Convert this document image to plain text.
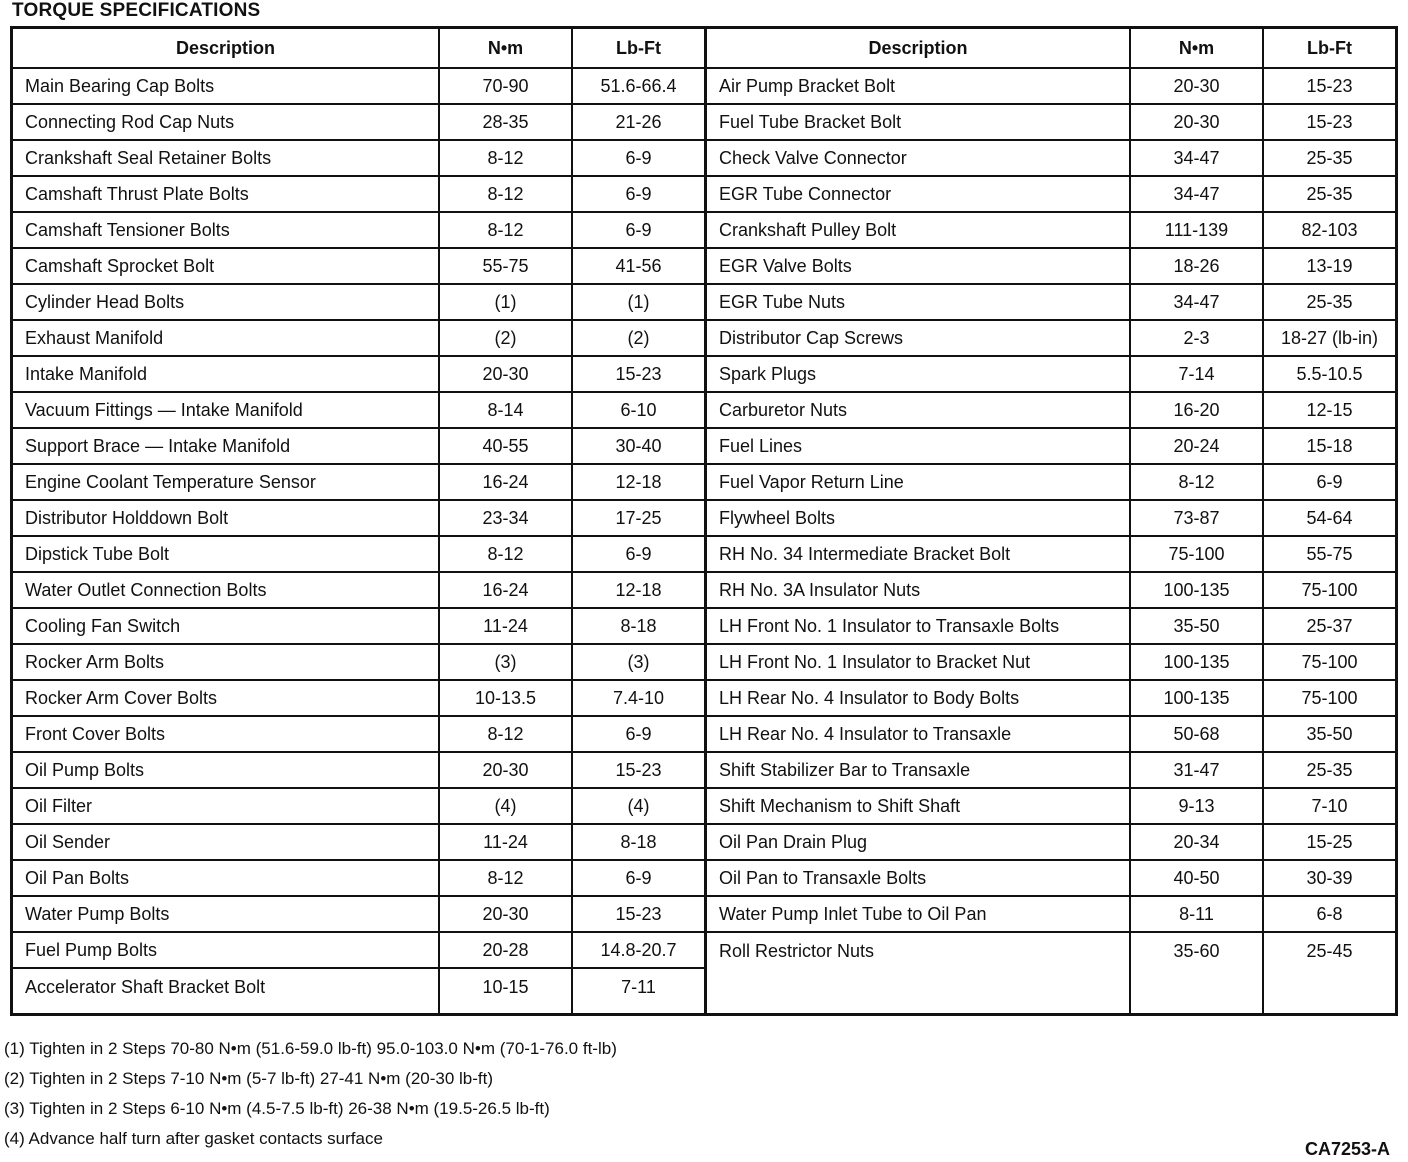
TORQUE SPECIFICATIONS
Description	N•m	Lb-Ft
Main Bearing Cap Bolts	70-90	51.6-66.4
Connecting Rod Cap Nuts	28-35	21-26
Crankshaft Seal Retainer Bolts	8-12	6-9
Camshaft Thrust Plate Bolts	8-12	6-9
Camshaft Tensioner Bolts	8-12	6-9
Camshaft Sprocket Bolt	55-75	41-56
Cylinder Head Bolts	(1)	(1)
Exhaust Manifold	(2)	(2)
Intake Manifold	20-30	15-23
Vacuum Fittings — Intake Manifold	8-14	6-10
Support Brace — Intake Manifold	40-55	30-40
Engine Coolant Temperature Sensor	16-24	12-18
Distributor Holddown Bolt	23-34	17-25
Dipstick Tube Bolt	8-12	6-9
Water Outlet Connection Bolts	16-24	12-18
Cooling Fan Switch	11-24	8-18
Rocker Arm Bolts	(3)	(3)
Rocker Arm Cover Bolts	10-13.5	7.4-10
Front Cover Bolts	8-12	6-9
Oil Pump Bolts	20-30	15-23
Oil Filter	(4)	(4)
Oil Sender	11-24	8-18
Oil Pan Bolts	8-12	6-9
Water Pump Bolts	20-30	15-23
Fuel Pump Bolts	20-28	14.8-20.7
Accelerator Shaft Bracket Bolt	10-15	7-11
Description	N•m	Lb-Ft
Air Pump Bracket Bolt	20-30	15-23
Fuel Tube Bracket Bolt	20-30	15-23
Check Valve Connector	34-47	25-35
EGR Tube Connector	34-47	25-35
Crankshaft Pulley Bolt	111-139	82-103
EGR Valve Bolts	18-26	13-19
EGR Tube Nuts	34-47	25-35
Distributor Cap Screws	2-3	18-27 (lb-in)
Spark Plugs	7-14	5.5-10.5
Carburetor Nuts	16-20	12-15
Fuel Lines	20-24	15-18
Fuel Vapor Return Line	8-12	6-9
Flywheel Bolts	73-87	54-64
RH No. 34 Intermediate Bracket Bolt	75-100	55-75
RH No. 3A Insulator Nuts	100-135	75-100
LH Front No. 1 Insulator to Transaxle Bolts	35-50	25-37
LH Front No. 1 Insulator to Bracket Nut	100-135	75-100
LH Rear No. 4 Insulator to Body Bolts	100-135	75-100
LH Rear No. 4 Insulator to Transaxle	50-68	35-50
Shift Stabilizer Bar to Transaxle	31-47	25-35
Shift Mechanism to Shift Shaft	9-13	7-10
Oil Pan Drain Plug	20-34	15-25
Oil Pan to Transaxle Bolts	40-50	30-39
Water Pump Inlet Tube to Oil Pan	8-11	6-8
Roll Restrictor Nuts	35-60	25-45
(1) Tighten in 2 Steps 70-80 N•m (51.6-59.0 lb-ft) 95.0-103.0 N•m (70-1-76.0 ft-lb)
(2) Tighten in 2 Steps 7-10 N•m (5-7 lb-ft) 27-41 N•m (20-30 lb-ft)
(3) Tighten in 2 Steps 6-10 N•m (4.5-7.5 lb-ft) 26-38 N•m (19.5-26.5 lb-ft)
(4) Advance half turn after gasket contacts surface
CA7253-A
